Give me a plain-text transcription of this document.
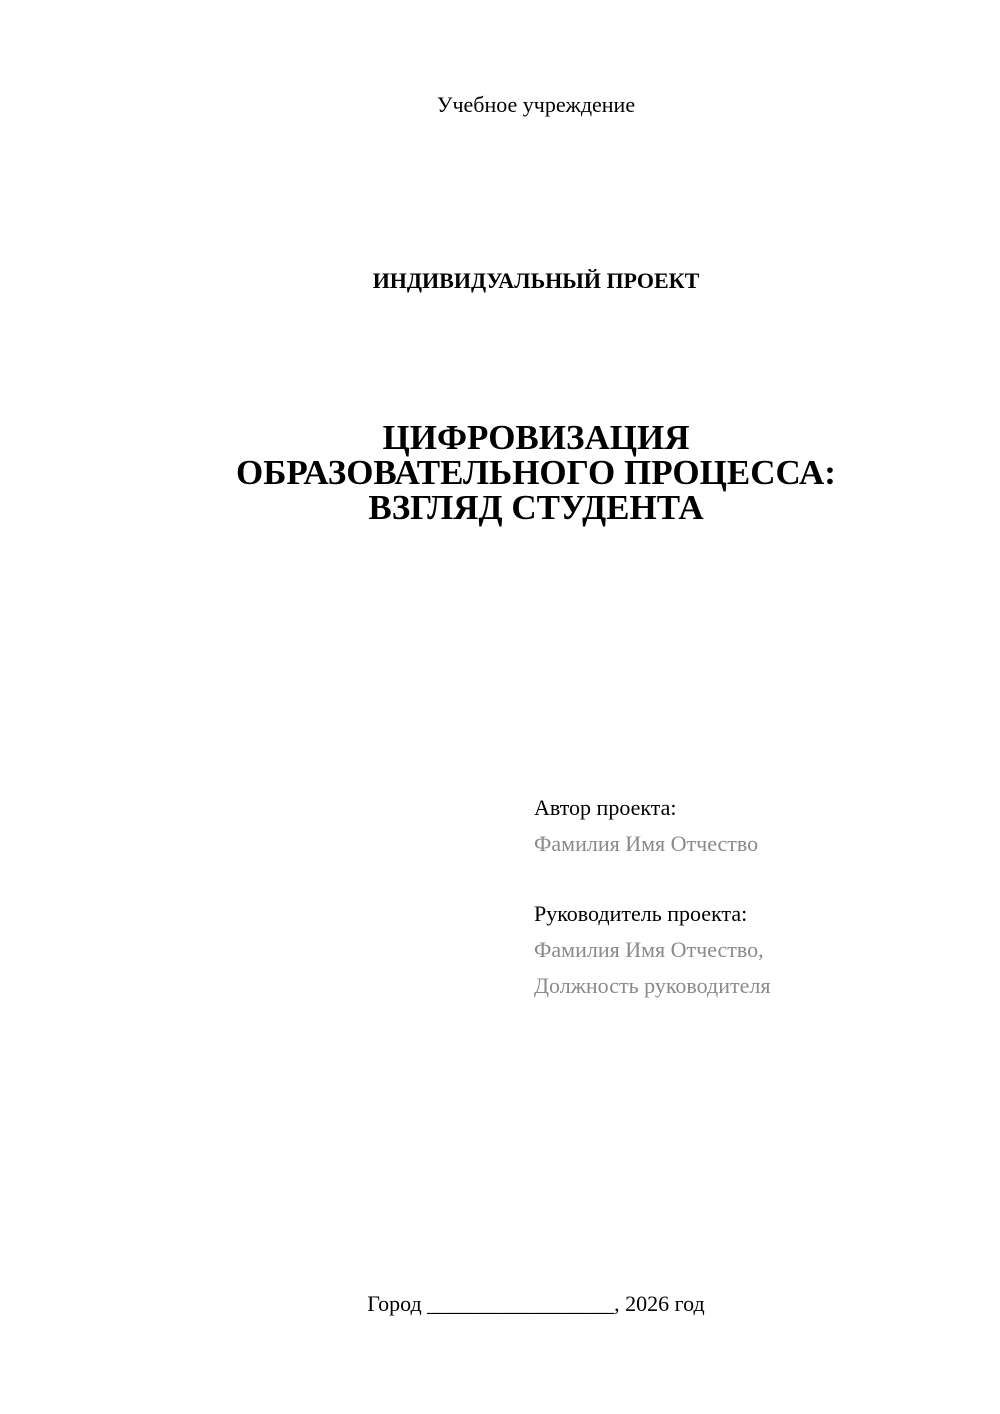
Учебное учреждение
ИНДИВИДУАЛЬНЫЙ ПРОЕКТ
ЦИФРОВИЗАЦИЯ
ОБРАЗОВАТЕЛЬНОГО ПРОЦЕССА:
ВЗГЛЯД СТУДЕНТА
Автор проекта:
Фамилия Имя Отчество
Руководитель проекта:
Фамилия Имя Отчество,
Должность руководителя
Город _________________, 2026 год
